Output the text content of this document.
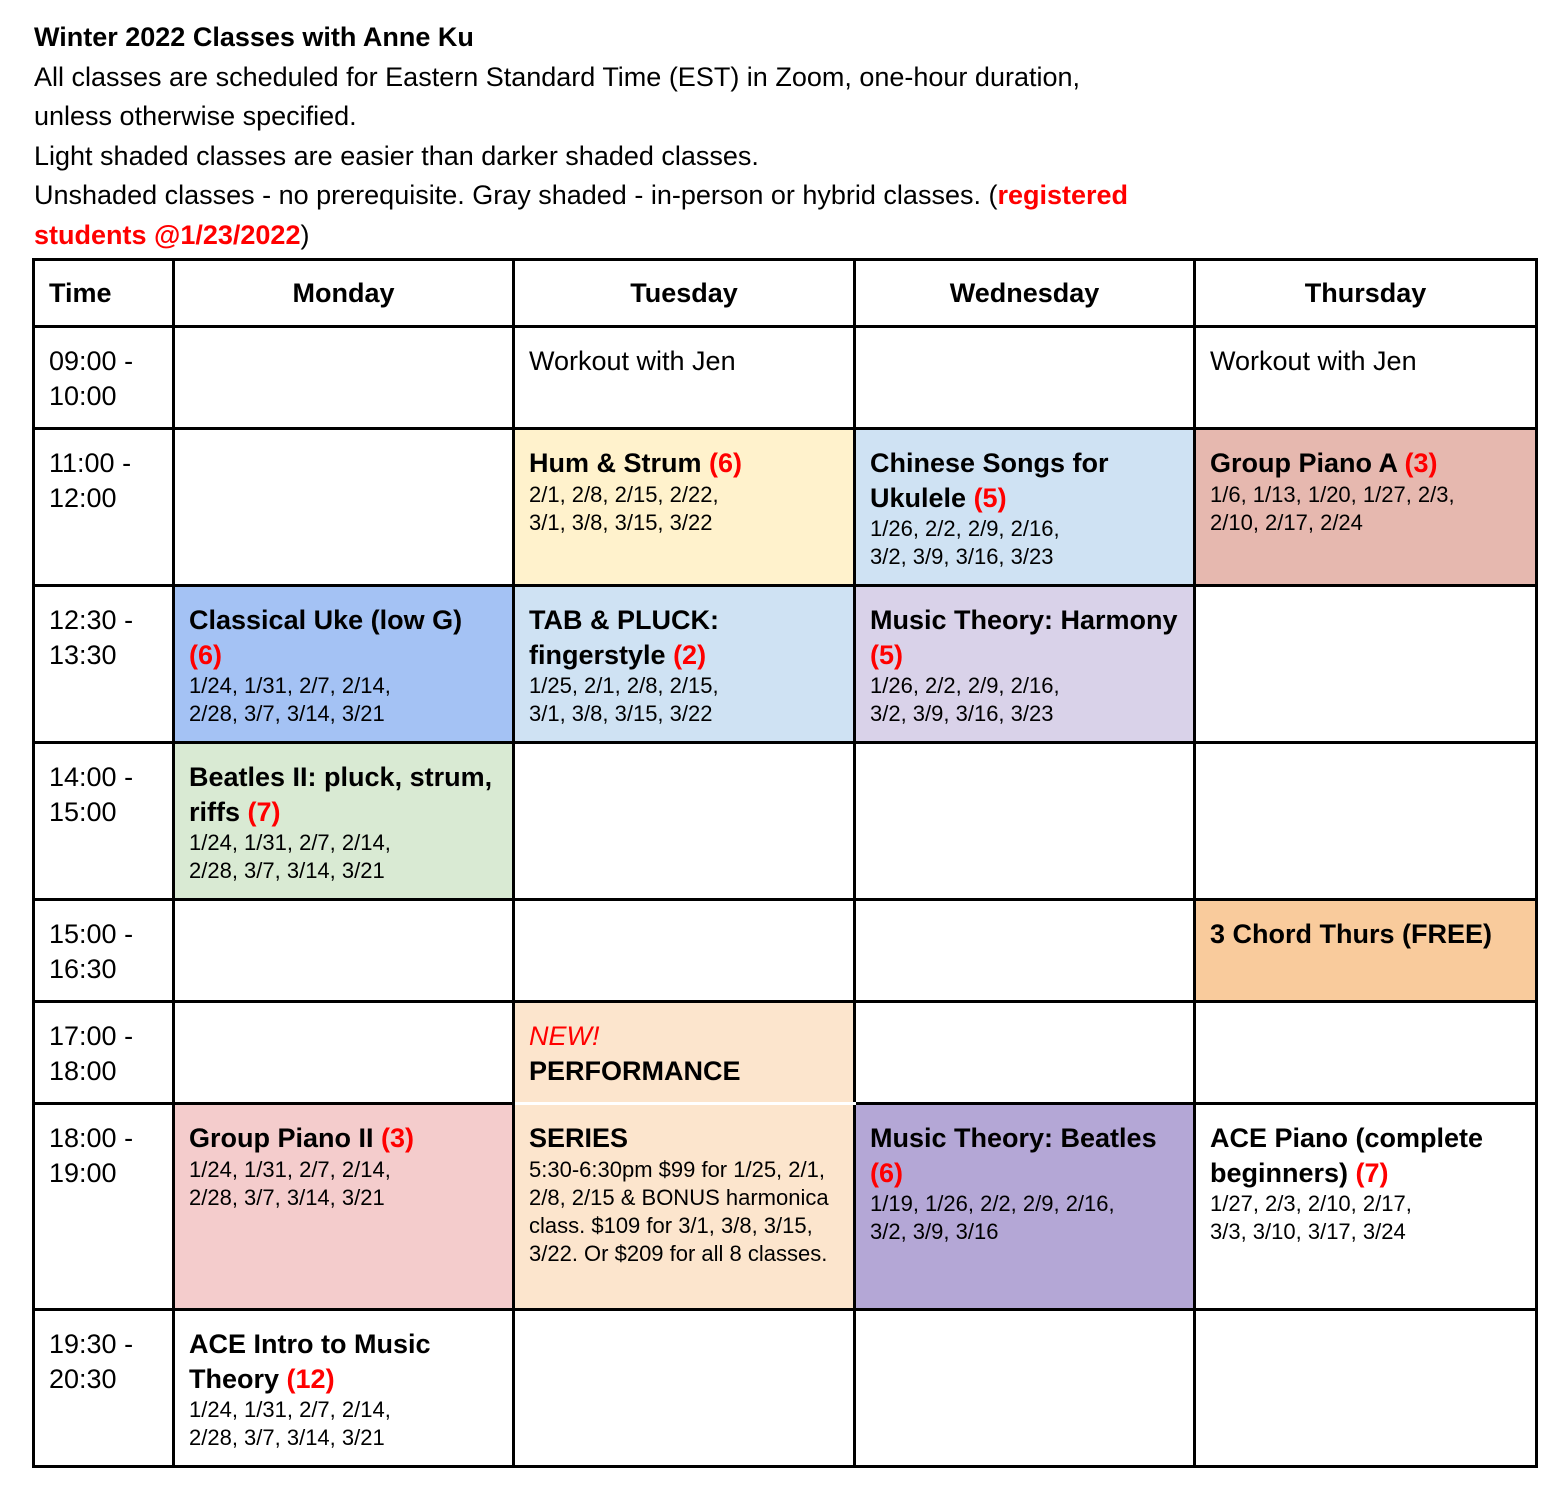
Winter 2022 Classes with Anne Ku
All classes are scheduled for Eastern Standard Time (EST) in Zoom, one-hour duration,
unless otherwise specified.
Light shaded classes are easier than darker shaded classes.
Unshaded classes - no prerequisite. Gray shaded - in-person or hybrid classes. (registered
students @1/23/2022)
Time	Monday	Tuesday	Wednesday	Thursday
09:00 - 10:00		Workout with Jen		Workout with Jen

11:00 - 12:00		Hum & Strum (6)
2/1, 2/8, 2/15, 2/22,
3/1, 3/8, 3/15, 3/22	Chinese Songs for Ukulele (5)
1/26, 2/2, 2/9, 2/16,
3/2, 3/9, 3/16, 3/23	Group Piano A (3)
1/6, 1/13, 1/20, 1/27, 2/3,
2/10, 2/17, 2/24

12:30 - 13:30	Classical Uke (low G) (6)
1/24, 1/31, 2/7, 2/14,
2/28, 3/7, 3/14, 3/21	TAB & PLUCK: fingerstyle (2)
1/25, 2/1, 2/8, 2/15,
3/1, 3/8, 3/15, 3/22	Music Theory: Harmony (5)
1/26, 2/2, 2/9, 2/16,
3/2, 3/9, 3/16, 3/23	

14:00 - 15:00	Beatles II: pluck, strum, riffs (7)
1/24, 1/31, 2/7, 2/14,
2/28, 3/7, 3/14, 3/21			

15:00 - 16:30				3 Chord Thurs (FREE)

17:00 - 18:00		NEW!
PERFORMANCE		

18:00 - 19:00	Group Piano II (3)
1/24, 1/31, 2/7, 2/14,
2/28, 3/7, 3/14, 3/21	SERIES
5:30-6:30pm $99 for 1/25, 2/1, 2/8, 2/15 & BONUS harmonica class. $109 for 3/1, 3/8, 3/15, 3/22. Or $209 for all 8 classes.	Music Theory: Beatles (6)
1/19, 1/26, 2/2, 2/9, 2/16,
3/2, 3/9, 3/16	ACE Piano (complete beginners) (7)
1/27, 2/3, 2/10, 2/17,
3/3, 3/10, 3/17, 3/24

19:30 - 20:30	ACE Intro to Music Theory (12)
1/24, 1/31, 2/7, 2/14,
2/28, 3/7, 3/14, 3/21			
